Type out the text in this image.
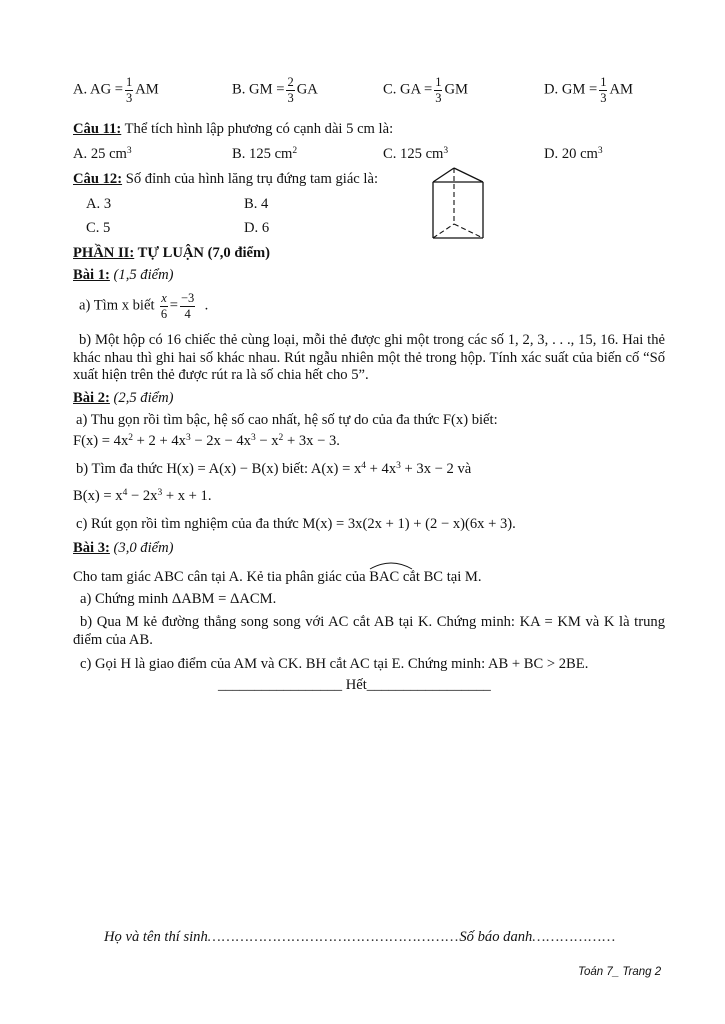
A. AG = $\frac{1}{3}$ AM	B. GM = $\frac{2}{3}$ GA	C. GA = $\frac{1}{3}$ GM	D. GM = $\frac{1}{3}$ AM
Câu 11: Thể tích hình lập phương có cạnh dài 5 cm là:
A. 25 $cm^3$	B. 125 $cm^2$	C. 125 $cm^3$	D. 20 $cm^3$
Câu 12: Số đỉnh của hình lăng trụ đứng tam giác là:
A. 3	B. 4
C. 5	D. 6
PHẦN II: TỰ LUẬN (7,0 điểm)
Bài 1: (1,5 điểm)
a) Tìm x biết $\frac{x}{6} = \frac{-3}{4}$ .
b) Một hộp có 16 chiếc thẻ cùng loại, mỗi thẻ được ghi một trong các số 1, 2, 3, . . ., 15, 16. Hai thẻ khác nhau thì ghi hai số khác nhau. Rút ngẫu nhiên một thẻ trong hộp. Tính xác suất của biến cố “Số xuất hiện trên thẻ được rút ra là số chia hết cho 5”.
Bài 2: (2,5 điểm)
a) Thu gọn rồi tìm bậc, hệ số cao nhất, hệ số tự do của đa thức F(x) biết:
$F(x) = 4x^2 + 2 + 4x^3 - 2x - 4x^3 - x^2 + 3x - 3$.
b) Tìm đa thức H(x) = A(x) − B(x) biết: $A(x) = x^4 + 4x^3 + 3x - 2$ và
$B(x) = x^4 - 2x^3 + x + 1$.
c) Rút gọn rồi tìm nghiệm của đa thức M(x) = 3x(2x + 1) + (2 − x)(6x + 3).
Bài 3: (3,0 điểm)
Cho tam giác ABC cân tại A. Kẻ tia phân giác của
BAC cắt BC tại M.
a) Chứng minh ΔABM = ΔACM.
b) Qua M kẻ đường thẳng song song với AC cắt AB tại K. Chứng minh: KA = KM và K là trung điểm của AB.
c) Gọi H là giao điểm của AM và CK. BH cắt AC tại E. Chứng minh: AB + BC > 2BE.
_________________ Hết_________________
Họ và tên thí sinh………………………………………………Số báo danh………………
Toán 7_ Trang 2
